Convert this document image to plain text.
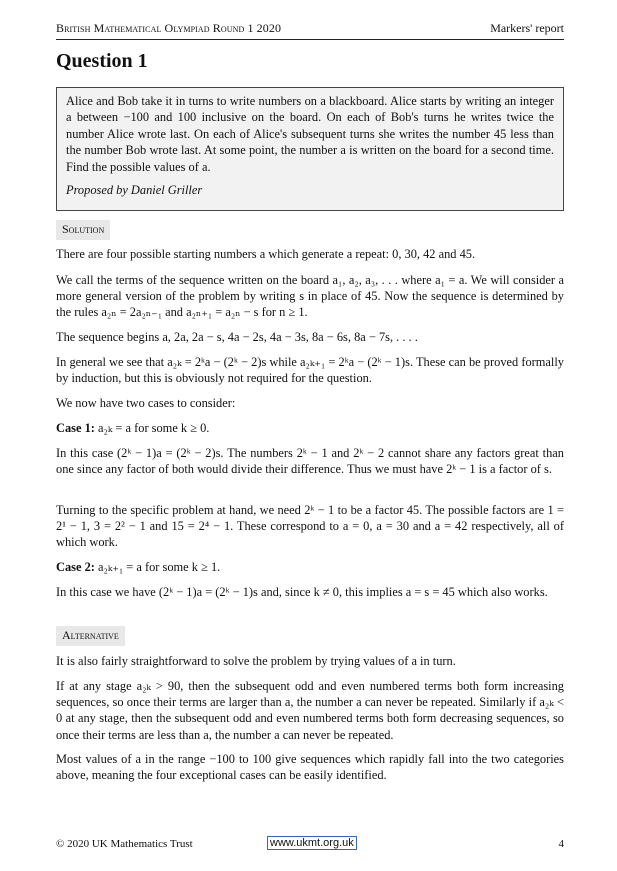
British Mathematical Olympiad Round 1 2020	Markers' report
Question 1

Alice and Bob take it in turns to write numbers on a blackboard. Alice starts by writing an integer a between −100 and 100 inclusive on the board. On each of Bob's turns he writes twice the number Alice wrote last. On each of Alice's subsequent turns she writes the number 45 less than the number Bob wrote last. At some point, the number a is written on the board for a second time. Find the possible values of a.

Proposed by Daniel Griller

Solution

There are four possible starting numbers a which generate a repeat: 0, 30, 42 and 45.

We call the terms of the sequence written on the board a₁, a₂, a₃, . . . where a₁ = a. We will consider a more general version of the problem by writing s in place of 45. Now the sequence is determined by the rules a₂ₙ = 2a₂ₙ₋₁ and a₂ₙ₊₁ = a₂ₙ − s for n ≥ 1.

The sequence begins a, 2a, 2a − s, 4a − 2s, 4a − 3s, 8a − 6s, 8a − 7s, . . . .

In general we see that a₂ₖ = 2ᵏa − (2ᵏ − 2)s while a₂ₖ₊₁ = 2ᵏa − (2ᵏ − 1)s. These can be proved formally by induction, but this is obviously not required for the question.

We now have two cases to consider:

Case 1: a₂ₖ = a for some k ≥ 0.

In this case (2ᵏ − 1)a = (2ᵏ − 2)s. The numbers 2ᵏ − 1 and 2ᵏ − 2 cannot share any factors great than one since any factor of both would divide their difference. Thus we must have 2ᵏ − 1 is a factor of s.

Turning to the specific problem at hand, we need 2ᵏ − 1 to be a factor 45. The possible factors are 1 = 2¹ − 1, 3 = 2² − 1 and 15 = 2⁴ − 1. These correspond to a = 0, a = 30 and a = 42 respectively, all of which work.

Case 2: a₂ₖ₊₁ = a for some k ≥ 1.

In this case we have (2ᵏ − 1)a = (2ᵏ − 1)s and, since k ≠ 0, this implies a = s = 45 which also works.

Alternative

It is also fairly straightforward to solve the problem by trying values of a in turn.

If at any stage a₂ₖ > 90, then the subsequent odd and even numbered terms both form increasing sequences, so once their terms are larger than a, the number a can never be repeated. Similarly if a₂ₖ < 0 at any stage, then the subsequent odd and even numbered terms both form decreasing sequences, so once their terms are less than a, the number a can never be repeated.

Most values of a in the range −100 to 100 give sequences which rapidly fall into the two categories above, meaning the four exceptional cases can be easily identified.

© 2020 UK Mathematics Trust	www.ukmt.org.uk	4
